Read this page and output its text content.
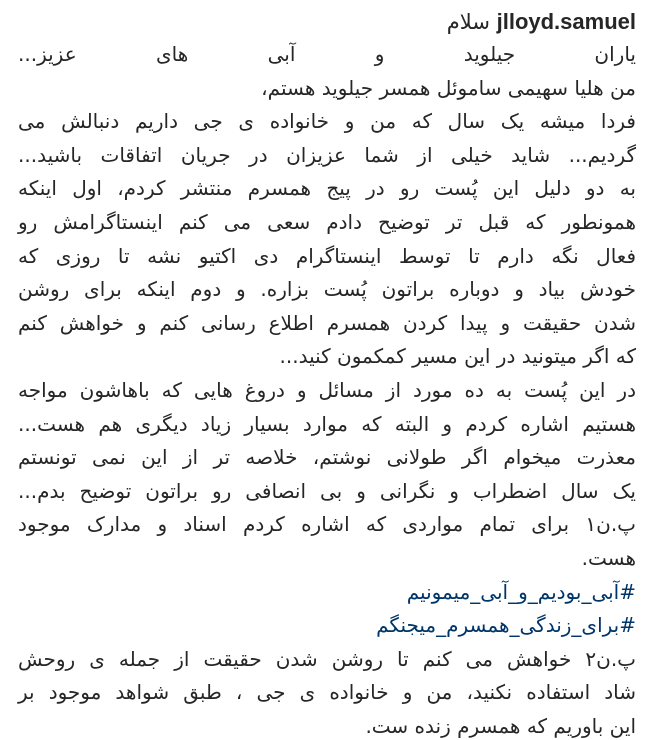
jlloyd.samuel سلام
یاران جیلوید و آبی های عزیز...
من هلیا سهیمی ساموئل همسر جیلوید هستم،
فردا میشه یک سال که من و خانواده ی جی داریم دنبالش می
گردیم... شاید خیلی از شما عزیزان در جریان اتفاقات باشید...
به دو دلیل این پُست رو در پیج همسرم منتشر کردم، اول اینکه
همونطور که قبل تر توضیح دادم سعی می کنم اینستاگرامش رو
فعال نگه دارم تا توسط اینستاگرام دی اکتیو نشه تا روزی که
خودش بیاد و دوباره براتون پُست بزاره. و دوم اینکه برای روشن
شدن حقیقت و پیدا کردن همسرم اطلاع رسانی کنم و خواهش کنم
که اگر میتونید در این مسیر کمکمون کنید...
در این پُست به ده مورد از مسائل و دروغ هایی که باهاشون مواجه
هستیم اشاره کردم و البته که موارد بسیار زیاد دیگری هم هست...
معذرت میخوام اگر طولانی نوشتم، خلاصه تر از این نمی تونستم
یک سال اضطراب و نگرانی و بی انصافی رو براتون توضیح بدم...
پ.ن۱ برای تمام مواردی که اشاره کردم اسناد و مدارک موجود
هست.
#آبی_بودیم_و_آبی_میمونیم
#برای_زندگی_همسرم_میجنگم
پ.ن۲ خواهش می کنم تا روشن شدن حقیقت از جمله ی روحش
شاد استفاده نکنید، من و خانواده ی جی ، طبق شواهد موجود بر
این باوریم که همسرم زنده ست.
